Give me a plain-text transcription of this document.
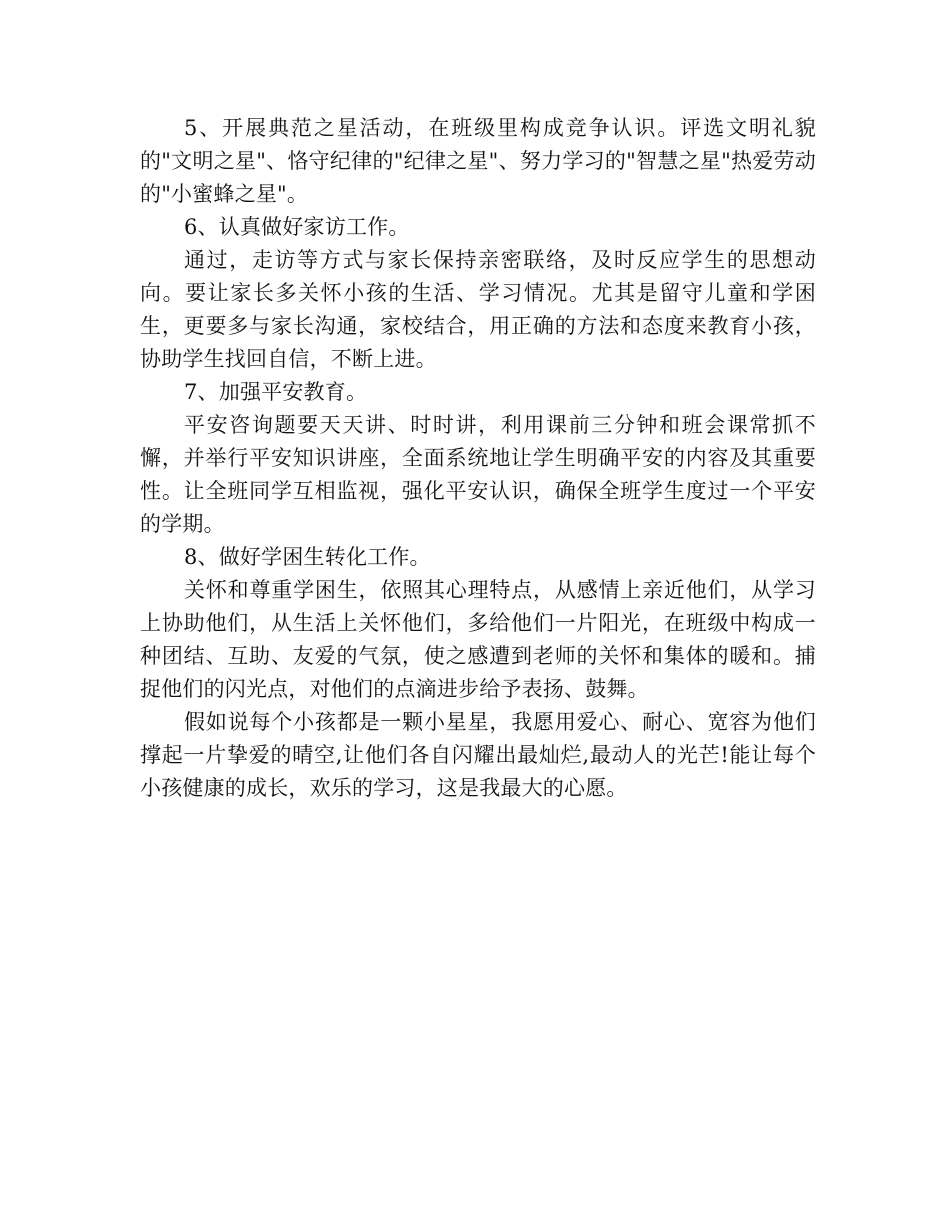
5、开展典范之星活动，在班级里构成竞争认识。评选文明礼貌的"文明之星"、恪守纪律的"纪律之星"、努力学习的"智慧之星"热爱劳动的"小蜜蜂之星"。

6、认真做好家访工作。

通过，走访等方式与家长保持亲密联络，及时反应学生的思想动向。要让家长多关怀小孩的生活、学习情况。尤其是留守儿童和学困生，更要多与家长沟通，家校结合，用正确的方法和态度来教育小孩，协助学生找回自信，不断上进。

7、加强平安教育。

平安咨询题要天天讲、时时讲，利用课前三分钟和班会课常抓不懈，并举行平安知识讲座，全面系统地让学生明确平安的内容及其重要性。让全班同学互相监视，强化平安认识，确保全班学生度过一个平安的学期。

8、做好学困生转化工作。

关怀和尊重学困生，依照其心理特点，从感情上亲近他们，从学习上协助他们，从生活上关怀他们，多给他们一片阳光，在班级中构成一种团结、互助、友爱的气氛，使之感遭到老师的关怀和集体的暖和。捕捉他们的闪光点，对他们的点滴进步给予表扬、鼓舞。

假如说每个小孩都是一颗小星星，我愿用爱心、耐心、宽容为他们撑起一片挚爱的晴空,让他们各自闪耀出最灿烂,最动人的光芒!能让每个小孩健康的成长，欢乐的学习，这是我最大的心愿。
